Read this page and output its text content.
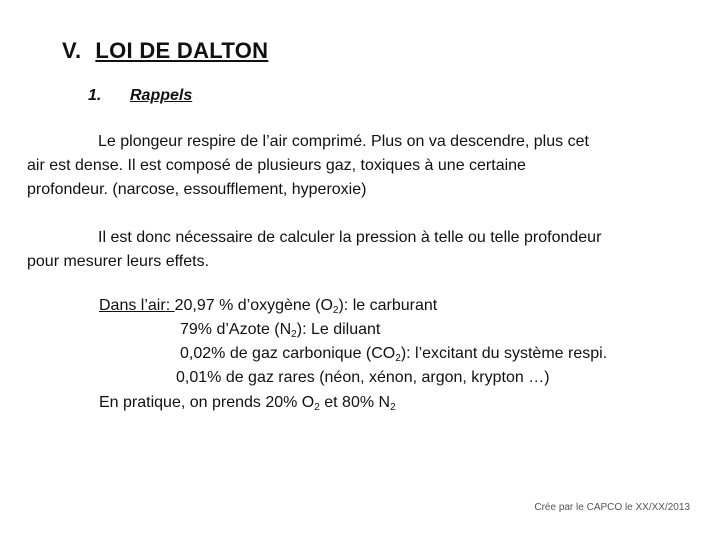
V. LOI DE DALTON
1. Rappels
Le plongeur respire de l’air comprimé. Plus on va descendre, plus cet
air est dense. Il est composé de plusieurs gaz, toxiques à une certaine
profondeur. (narcose, essoufflement, hyperoxie)
Il est donc nécessaire de calculer la pression à telle ou telle profondeur
pour mesurer leurs effets.
Dans l’air: 20,97 % d’oxygène $(O_2)$: le carburant
79% d’Azote $(N_2)$: Le diluant
0,02% de gaz carbonique $(CO_2)$: l’excitant du système respi.
0,01% de gaz rares (néon, xénon, argon, krypton …)
En pratique, on prends 20% $O_2$ et 80% $N_2$
Crée par le CAPCO le XX/XX/2013
